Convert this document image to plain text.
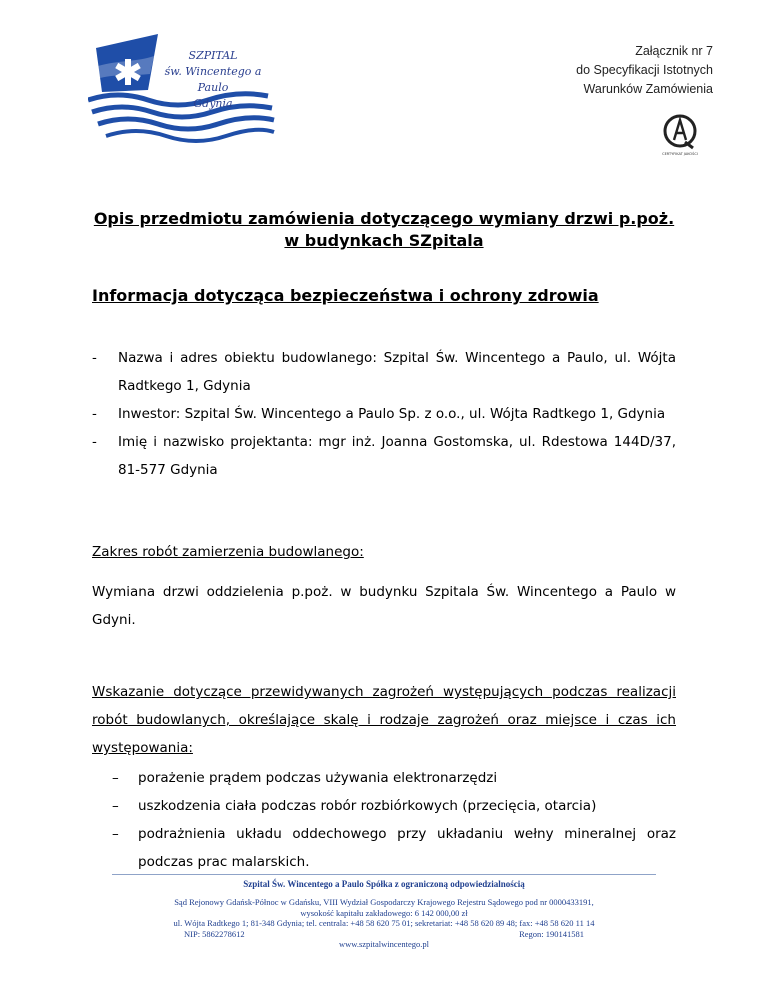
SZPITAL
św. Wincentego a Paulo
Gdynia
Załącznik nr 7
do Specyfikacji Istotnych
Warunków Zamówienia
CERTYFIKAT JAKOŚCI
Opis przedmiotu zamówienia dotyczącego wymiany drzwi p.poż.
w budynkach SZpitala
Informacja dotycząca bezpieczeństwa i ochrony zdrowia
- Nazwa i adres obiektu budowlanego: Szpital Św. Wincentego a Paulo, ul. Wójta Radtkego 1, Gdynia
- Inwestor: Szpital Św. Wincentego a Paulo Sp. z o.o., ul. Wójta Radtkego 1, Gdynia
- Imię i nazwisko projektanta: mgr inż. Joanna Gostomska, ul. Rdestowa 144D/37, 81-577 Gdynia
Zakres robót zamierzenia budowlanego:
Wymiana drzwi oddzielenia p.poż. w budynku Szpitala Św. Wincentego a Paulo w Gdyni.
Wskazanie dotyczące przewidywanych zagrożeń występujących podczas realizacji robót budowlanych, określające skalę i rodzaje zagrożeń oraz miejsce i czas ich występowania:
– porażenie prądem podczas używania elektronarzędzi
– uszkodzenia ciała podczas robór rozbiórkowych (przecięcia, otarcia)
– podrażnienia układu oddechowego przy układaniu wełny mineralnej oraz podczas prac malarskich.
Szpital Św. Wincentego a Paulo Spółka z ograniczoną odpowiedzialnością
Sąd Rejonowy Gdańsk-Północ w Gdańsku, VIII Wydział Gospodarczy Krajowego Rejestru Sądowego pod nr 0000433191,
wysokość kapitału zakładowego: 6 142 000,00 zł
ul. Wójta Radtkego 1; 81-348 Gdynia; tel. centrala: +48 58 620 75 01; sekretariat: +48 58 620 89 48; fax: +48 58 620 11 14
NIP: 5862278612	Regon: 190141581
www.szpitalwincentego.pl
